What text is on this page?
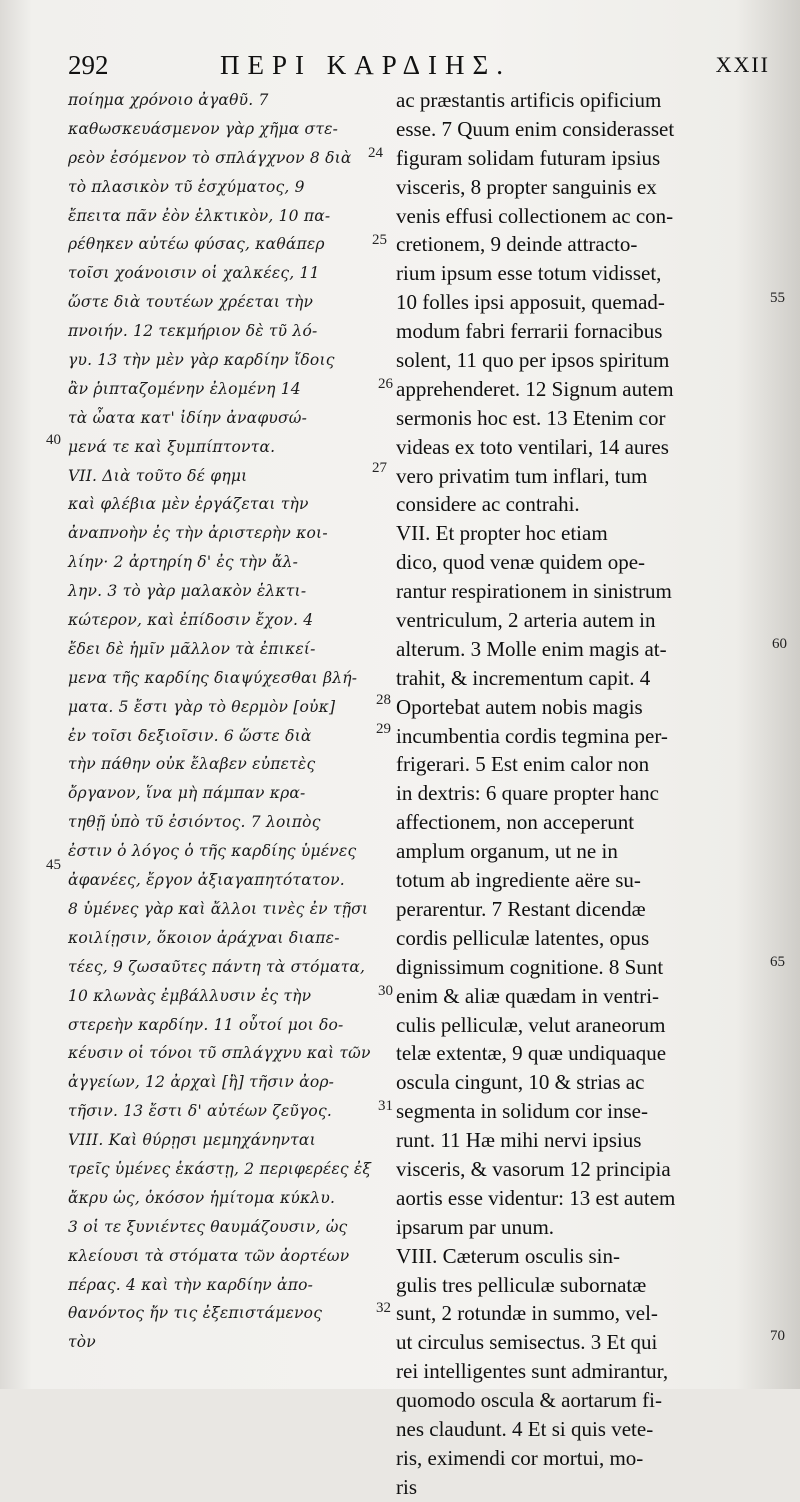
292	ΠΕΡΙ ΚΑΡΔΙΗΣ.	XXII
ποίημα χρόνοιο ἀγαθῦ. 7
καθωσκευάσμενον γὰρ χῆμα στε-
ρεὸν ἐσόμενον τὸ σπλάγχνον 8 διὰ
τὸ πλασικὸν τῦ ἐσχύματος, 9
ἔπειτα πᾶν ἐὸν ἑλκτικὸν, 10 πα-
ρέθηκεν αὐτέω φύσας, καθάπερ
τοῖσι χοάνοισιν οἱ χαλκέες, 11
ὥστε διὰ τουτέων χρέεται τὴν
πνοιήν. 12 τεκμήριον δὲ τῦ λό-
γυ. 13 τὴν μὲν γὰρ καρδίην ἴδοις
ἂν ῥιπταζομένην ἐλομένη 14
τὰ ὦατα κατ' ἰδίην ἀναφυσώ-
μενά τε καὶ ξυμπίπτοντα.
VII. Διὰ τοῦτο δέ φημι
καὶ φλέβια μὲν ἐργάζεται τὴν
ἀναπνοὴν ἐς τὴν ἀριστερὴν κοι-
λίην· 2 ἀρτηρίη δ' ἐς τὴν ἄλ-
λην. 3 τὸ γὰρ μαλακὸν ἑλκτι-
κώτερον, καὶ ἐπίδοσιν ἔχον. 4
ἔδει δὲ ἡμῖν μᾶλλον τὰ ἐπικεί-
μενα τῆς καρδίης διαψύχεσθαι βλή-
ματα. 5 ἔστι γὰρ τὸ θερμὸν [οὐκ]
ἐν τοῖσι δεξιοῖσιν. 6 ὥστε διὰ
τὴν πάθην οὐκ ἔλαβεν εὐπετὲς
ὄργανον, ἵνα μὴ πάμπαν κρα-
τηθῇ ὑπὸ τῦ ἐσιόντος. 7 λοιπὸς
ἐστιν ὁ λόγος ὁ τῆς καρδίης ὑμένες
ἀφανέες, ἔργον ἀξιαγαπητότατον.
8 ὑμένες γὰρ καὶ ἄλλοι τινὲς ἐν τῇσι
κοιλίῃσιν, ὅκοιον ἀράχναι διαπε-
τέες, 9 ζωσαῦτες πάντη τὰ στόματα,
10 κλωνὰς ἐμβάλλυσιν ἐς τὴν
στερεὴν καρδίην. 11 οὗτοί μοι δο-
κέυσιν οἱ τόνοι τῦ σπλάγχνυ καὶ τῶν
ἀγγείων, 12 ἀρχαὶ [ἢ] τῆσιν ἀορ-
τῆσιν. 13 ἔστι δ' αὐτέων ζεῦγος.
VIII. Καὶ θύρῃσι μεμηχάνηνται
τρεῖς ὑμένες ἑκάστῃ, 2 περιφερέες ἐξ
ἄκρυ ὡς, ὁκόσον ἡμίτομα κύκλυ.
3 οἱ τε ξυνιέντες θαυμάζουσιν, ὡς
κλείουσι τὰ στόματα τῶν ἀορτέων
πέρας. 4 καὶ τὴν καρδίην ἀπο-
θανόντος ἤν τις ἐξεπιστάμενος
τὸν
ac præstantis artificis opificium
esse. 7 Quum enim considerasset
figuram solidam futuram ipsius
visceris, 8 propter sanguinis ex
venis effusi collectionem ac con-
cretionem, 9 deinde attracto-
rium ipsum esse totum vidisset,
10 folles ipsi apposuit, quemad-
modum fabri ferrarii fornacibus
solent, 11 quo per ipsos spiritum
apprehenderet. 12 Signum autem
sermonis hoc est. 13 Etenim cor
videas ex toto ventilari, 14 aures
vero privatim tum inflari, tum
considere ac contrahi.
VII. Et propter hoc etiam
dico, quod venæ quidem ope-
rantur respirationem in sinistrum
ventriculum, 2 arteria autem in
alterum. 3 Molle enim magis at-
trahit, & incrementum capit. 4
Oportebat autem nobis magis
incumbentia cordis tegmina per-
frigerari. 5 Est enim calor non
in dextris: 6 quare propter hanc
affectionem, non acceperunt
amplum organum, ut ne in
totum ab ingrediente aëre su-
perarentur. 7 Restant dicendæ
cordis pelliculæ latentes, opus
dignissimum cognitione. 8 Sunt
enim & aliæ quædam in ventri-
culis pelliculæ, velut araneorum
telæ extentæ, 9 quæ undiquaque
oscula cingunt, 10 & strias ac
segmenta in solidum cor inse-
runt. 11 Hæ mihi nervi ipsius
visceris, & vasorum 12 principia
aortis esse videntur: 13 est autem
ipsarum par unum.
VIII. Cæterum osculis sin-
gulis tres pelliculæ subornatæ
sunt, 2 rotundæ in summo, vel-
ut circulus semisectus. 3 Et qui
rei intelligentes sunt admirantur,
quomodo oscula & aortarum fi-
nes claudunt. 4 Et si quis vete-
ris, eximendi cor mortui, mo-
ris
24
25
26
27
28
29
30
31
32
40
45
55
60
65
70
